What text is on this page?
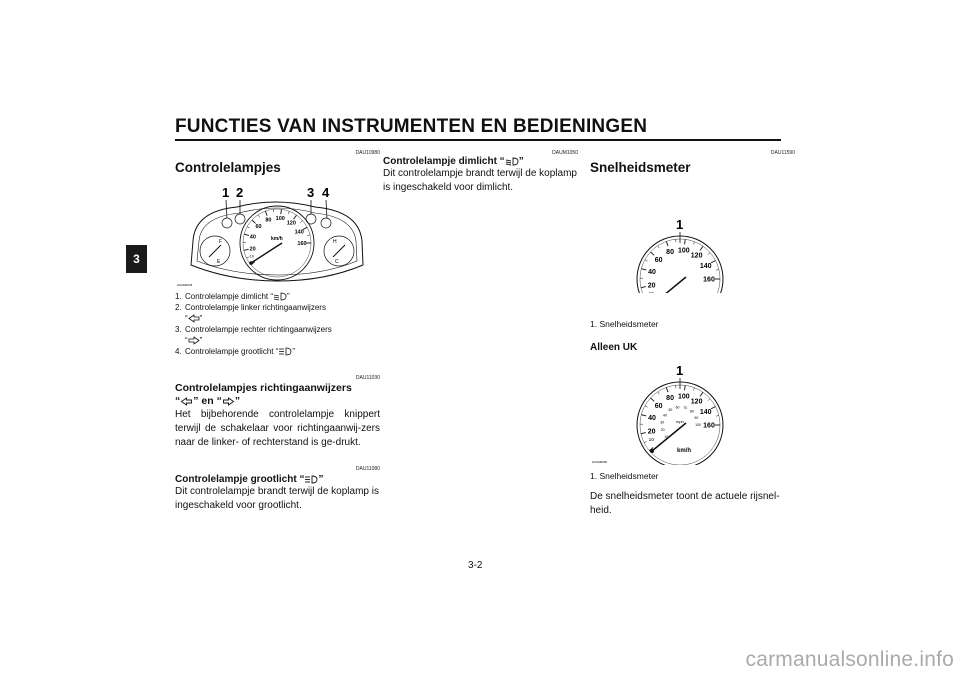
FUNCTIES VAN INSTRUMENTEN EN BEDIENINGEN
3
DAU10980
Controlelampjes
1 2	3 4
F
E
H
C
20
40
60
80 100
120
140
160
10
km/h
ZAUM0078
1. Controlelampje dimlicht “ ”
2. Controlelampje linker richtingaanwijzers
“ ”
3. Controlelampje rechter richtingaanwijzers
“ ”
4. Controlelampje grootlicht “ ”
DAU11030
Controlelampjes richtingaanwijzers
“ ” en “ ”
Het bijbehorende controlelampje knippert terwijl de schakelaar voor richtingaanwij-zers naar de linker- of rechterstand is ge-drukt.
DAU11080
Controlelampje grootlicht “ ”
Dit controlelampje brandt terwijl de koplamp is ingeschakeld voor grootlicht.
DAUM1050
Controlelampje dimlicht “ ”
Dit controlelampje brandt terwijl de koplamp is ingeschakeld voor dimlicht.
DAU11590
Snelheidsmeter
1
20
40
60
80 100
120
140
160
1. Snelheidsmeter
Alleen UK
1
20
40
60
80 100
120
140
160
10
10
20
30
40
50
60 70
80
90
100
km/h
mph
ZAUM0050
1. Snelheidsmeter
De snelheidsmeter toont de actuele rijsnel-heid.
3-2
carmanualsonline.info
